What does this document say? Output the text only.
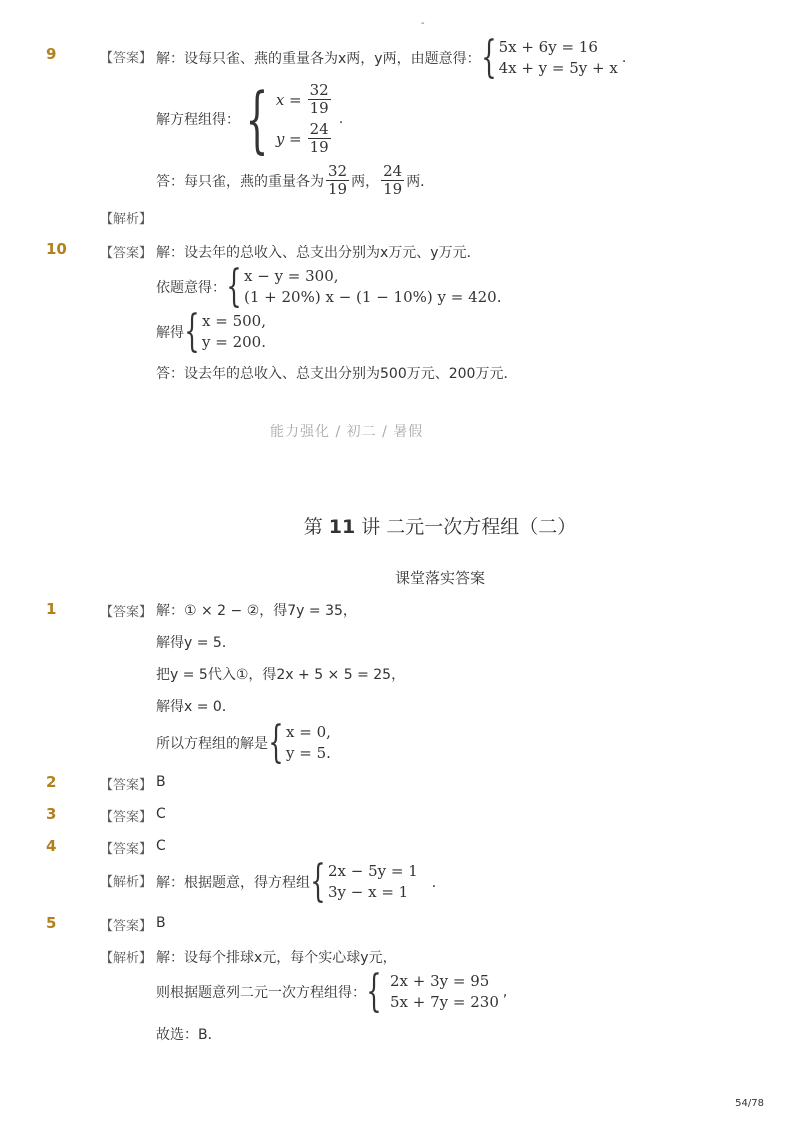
-
9	【答案】 解：设每只雀、燕的重量各为x两，y两，由题意得： { 5x + 6y = 16
4x + y = 5y + x
.
解方程组得： { $x = \frac{32}{19}$
$y = \frac{24}{19}$
.
答：每只雀，燕的重量各为 $\frac{32}{19}$ 两， $\frac{24}{19}$ 两．
【解析】
10	【答案】 解：设去年的总收入、总支出分别为x万元、y万元．
依题意得： { x − y = 300,
(1 + 20%) x − (1 − 10%) y = 420.
解得 { x = 500,
y = 200.
答：设去年的总收入、总支出分别为500万元、200万元．
能力强化 / 初二 / 暑假
第 11 讲 二元一次方程组（二）
课堂落实答案
1	【答案】 解：① × 2 − ②，得7y = 35，
解得y = 5．
把y = 5代入①，得2x + 5 × 5 = 25，
解得x = 0．
所以方程组的解是 { x = 0,
y = 5.
2	【答案】 B
3	【答案】 C
4	【答案】 C
【解析】 解：根据题意，得方程组 { 2x − 5y = 1
3y − x = 1	．
5	【答案】 B
【解析】 解：设每个排球x元，每个实心球y元，
则根据题意列二元一次方程组得： { 2x + 3y = 95
5x + 7y = 230
,
故选：B．
54/78
